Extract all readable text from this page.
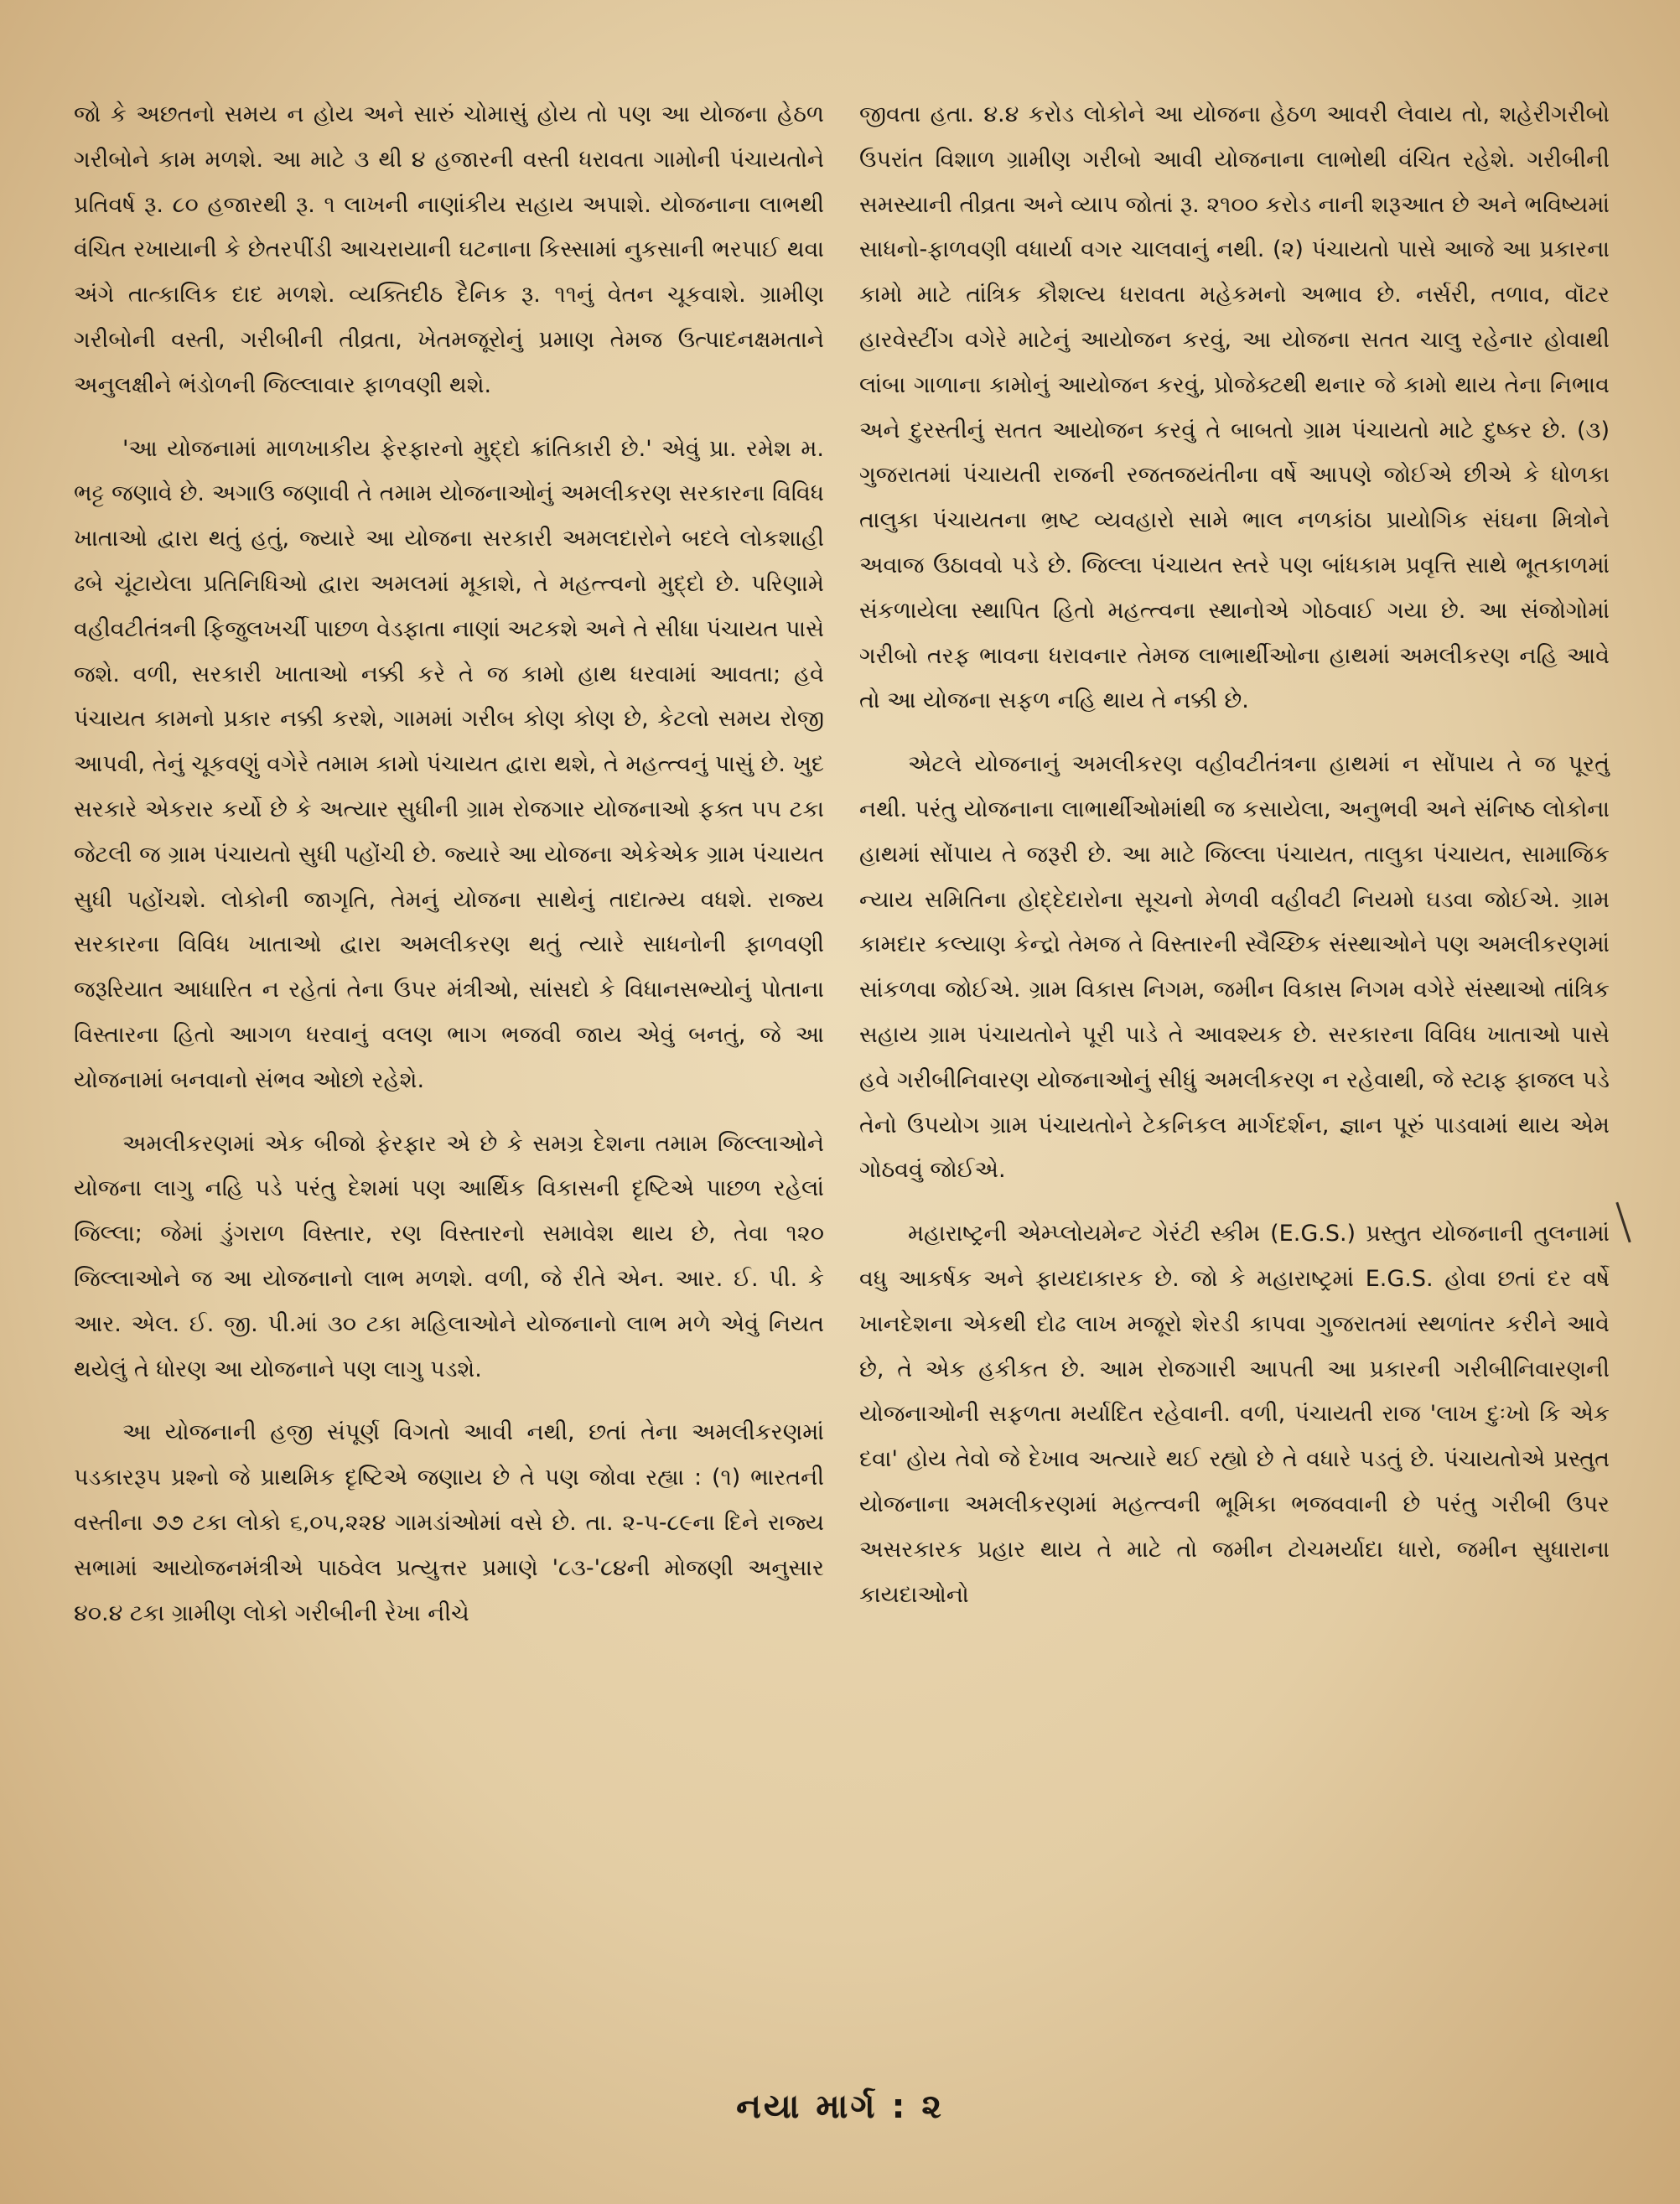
જો કે અછતનો સમય ન હોય અને સારું ચોમાસું હોય તો પણ આ યોજના હેઠળ ગરીબોને કામ મળશે. આ માટે ૩ થી ૪ હજારની વસ્તી ધરાવતા ગામોની પંચાયતોને પ્રતિવર્ષ રૂ. ૮૦ હજારથી રૂ. ૧ લાખની નાણાંકીય સહાય અપાશે. યોજનાના લાભથી વંચિત રખાયાની કે છેતરપીંડી આચરાયાની ઘટનાના કિસ્સામાં નુકસાની ભરપાઈ થવા અંગે તાત્કાલિક દાદ મળશે. વ્યક્તિદીઠ દૈનિક રૂ. ૧૧નું વેતન ચૂકવાશે. ગ્રામીણ ગરીબોની વસ્તી, ગરીબીની તીવ્રતા, ખેતમજૂરોનું પ્રમાણ તેમજ ઉત્પાદનક્ષમતાને અનુલક્ષીને ભંડોળની જિલ્લાવાર ફાળવણી થશે.

'આ યોજનામાં માળખાકીય ફેરફારનો મુદ્દો ક્રાંતિકારી છે.' એવું પ્રા. રમેશ મ. ભટ્ટ જણાવે છે. અગાઉ જણાવી તે તમામ યોજનાઓનું અમલીકરણ સરકારના વિવિધ ખાતાઓ દ્વારા થતું હતું, જ્યારે આ યોજના સરકારી અમલદારોને બદલે લોકશાહી ઢબે ચૂંટાયેલા પ્રતિનિધિઓ દ્વારા અમલમાં મૂકાશે, તે મહત્ત્વનો મુદ્દો છે. પરિણામે વહીવટીતંત્રની ફિજુલખર્ચી પાછળ વેડફાતા નાણાં અટકશે અને તે સીધા પંચાયત પાસે જશે. વળી, સરકારી ખાતાઓ નક્કી કરે તે જ કામો હાથ ધરવામાં આવતા; હવે પંચાયત કામનો પ્રકાર નક્કી કરશે, ગામમાં ગરીબ કોણ કોણ છે, કેટલો સમય રોજી આપવી, તેનું ચૂકવણું વગેરે તમામ કામો પંચાયત દ્વારા થશે, તે મહત્ત્વનું પાસું છે. ખુદ સરકારે એકરાર કર્યો છે કે અત્યાર સુધીની ગ્રામ રોજગાર યોજનાઓ ફક્ત ૫૫ ટકા જેટલી જ ગ્રામ પંચાયતો સુધી પહોંચી છે. જ્યારે આ યોજના એકેએક ગ્રામ પંચાયત સુધી પહોંચશે. લોકોની જાગૃતિ, તેમનું યોજના સાથેનું તાદાત્મ્ય વધશે. રાજ્ય સરકારના વિવિધ ખાતાઓ દ્વારા અમલીકરણ થતું ત્યારે સાધનોની ફાળવણી જરૂરિયાત આધારિત ન રહેતાં તેના ઉપર મંત્રીઓ, સાંસદો કે વિધાનસભ્યોનું પોતાના વિસ્તારના હિતો આગળ ધરવાનું વલણ ભાગ ભજવી જાય એવું બનતું, જે આ યોજનામાં બનવાનો સંભવ ઓછો રહેશે.

અમલીકરણમાં એક બીજો ફેરફાર એ છે કે સમગ્ર દેશના તમામ જિલ્લાઓને યોજના લાગુ નહિ પડે પરંતુ દેશમાં પણ આર્થિક વિકાસની દૃષ્ટિએ પાછળ રહેલાં જિલ્લા; જેમાં ડુંગરાળ વિસ્તાર, રણ વિસ્તારનો સમાવેશ થાય છે, તેવા ૧૨૦ જિલ્લાઓને જ આ યોજનાનો લાભ મળશે. વળી, જે રીતે એન. આર. ઈ. પી. કે આર. એલ. ઈ. જી. પી.માં ૩૦ ટકા મહિલાઓને યોજનાનો લાભ મળે એવું નિયત થયેલું તે ધોરણ આ યોજનાને પણ લાગુ પડશે.

આ યોજનાની હજી સંપૂર્ણ વિગતો આવી નથી, છતાં તેના અમલીકરણમાં પડકારરૂપ પ્રશ્નો જે પ્રાથમિક દૃષ્ટિએ જણાય છે તે પણ જોવા રહ્યા : (૧) ભારતની વસ્તીના ૭૭ ટકા લોકો ૬,૦૫,૨૨૪ ગામડાંઓમાં વસે છે. તા. ૨-૫-૮૯ના દિને રાજ્ય સભામાં આયોજનમંત્રીએ પાઠવેલ પ્રત્યુત્તર પ્રમાણે '૮૩-'૮૪ની મોજણી અનુસાર ૪૦.૪ ટકા ગ્રામીણ લોકો ગરીબીની રેખા નીચે

જીવતા હતા. ૪.૪ કરોડ લોકોને આ યોજના હેઠળ આવરી લેવાય તો, શહેરીગરીબો ઉપરાંત વિશાળ ગ્રામીણ ગરીબો આવી યોજનાના લાભોથી વંચિત રહેશે. ગરીબીની સમસ્યાની તીવ્રતા અને વ્યાપ જોતાં રૂ. ૨૧૦૦ કરોડ નાની શરૂઆત છે અને ભવિષ્યમાં સાધનો-ફાળવણી વધાર્યા વગર ચાલવાનું નથી. (૨) પંચાયતો પાસે આજે આ પ્રકારના કામો માટે તાંત્રિક કૌશલ્ય ધરાવતા મહેકમનો અભાવ છે. નર્સરી, તળાવ, વૉટર હારવેસ્ટીંગ વગેરે માટેનું આયોજન કરવું, આ યોજના સતત ચાલુ રહેનાર હોવાથી લાંબા ગાળાના કામોનું આયોજન કરવું, પ્રોજેક્ટથી થનાર જે કામો થાય તેના નિભાવ અને દુરસ્તીનું સતત આયોજન કરવું તે બાબતો ગ્રામ પંચાયતો માટે દુષ્કર છે. (૩) ગુજરાતમાં પંચાયતી રાજની રજતજયંતીના વર્ષે આપણે જોઈએ છીએ કે ધોળકા તાલુકા પંચાયતના ભ્રષ્ટ વ્યવહારો સામે ભાલ નળકાંઠા પ્રાયોગિક સંઘના મિત્રોને અવાજ ઉઠાવવો પડે છે. જિલ્લા પંચાયત સ્તરે પણ બાંધકામ પ્રવૃત્તિ સાથે ભૂતકાળમાં સંકળાયેલા સ્થાપિત હિતો મહત્ત્વના સ્થાનોએ ગોઠવાઈ ગયા છે. આ સંજોગોમાં ગરીબો તરફ ભાવના ધરાવનાર તેમજ લાભાર્થીઓના હાથમાં અમલીકરણ નહિ આવે તો આ યોજના સફળ નહિ થાય તે નક્કી છે.

એટલે યોજનાનું અમલીકરણ વહીવટીતંત્રના હાથમાં ન સોંપાય તે જ પૂરતું નથી. પરંતુ યોજનાના લાભાર્થીઓમાંથી જ કસાયેલા, અનુભવી અને સંનિષ્ઠ લોકોના હાથમાં સોંપાય તે જરૂરી છે. આ માટે જિલ્લા પંચાયત, તાલુકા પંચાયત, સામાજિક ન્યાય સમિતિના હોદ્દેદારોના સૂચનો મેળવી વહીવટી નિયમો ઘડવા જોઈએ. ગ્રામ કામદાર કલ્યાણ કેન્દ્રો તેમજ તે વિસ્તારની સ્વૈચ્છિક સંસ્થાઓને પણ અમલીકરણમાં સાંકળવા જોઈએ. ગ્રામ વિકાસ નિગમ, જમીન વિકાસ નિગમ વગેરે સંસ્થાઓ તાંત્રિક સહાય ગ્રામ પંચાયતોને પૂરી પાડે તે આવશ્યક છે. સરકારના વિવિધ ખાતાઓ પાસે હવે ગરીબીનિવારણ યોજનાઓનું સીધું અમલીકરણ ન રહેવાથી, જે સ્ટાફ ફાજલ પડે તેનો ઉપયોગ ગ્રામ પંચાયતોને ટેકનિકલ માર્ગદર્શન, જ્ઞાન પૂરું પાડવામાં થાય એમ ગોઠવવું જોઈએ.

મહારાષ્ટ્રની એમ્પ્લોયમેન્ટ ગેરંટી સ્કીમ (E.G.S.) પ્રસ્તુત યોજનાની તુલનામાં વધુ આકર્ષક અને ફાયદાકારક છે. જો કે મહારાષ્ટ્રમાં E.G.S. હોવા છતાં દર વર્ષે ખાનદેશના એકથી દોઢ લાખ મજૂરો શેરડી કાપવા ગુજરાતમાં સ્થળાંતર કરીને આવે છે, તે એક હકીકત છે. આમ રોજગારી આપતી આ પ્રકારની ગરીબીનિવારણની યોજનાઓની સફળતા મર્યાદિત રહેવાની. વળી, પંચાયતી રાજ 'લાખ દુઃખો કિ એક દવા' હોય તેવો જે દેખાવ અત્યારે થઈ રહ્યો છે તે વધારે પડતું છે. પંચાયતોએ પ્રસ્તુત યોજનાના અમલીકરણમાં મહત્ત્વની ભૂમિકા ભજવવાની છે પરંતુ ગરીબી ઉપર અસરકારક પ્રહાર થાય તે માટે તો જમીન ટોચમર્યાદા ધારો, જમીન સુધારાના કાયદાઓનો

નયા માર્ગ : ૨
